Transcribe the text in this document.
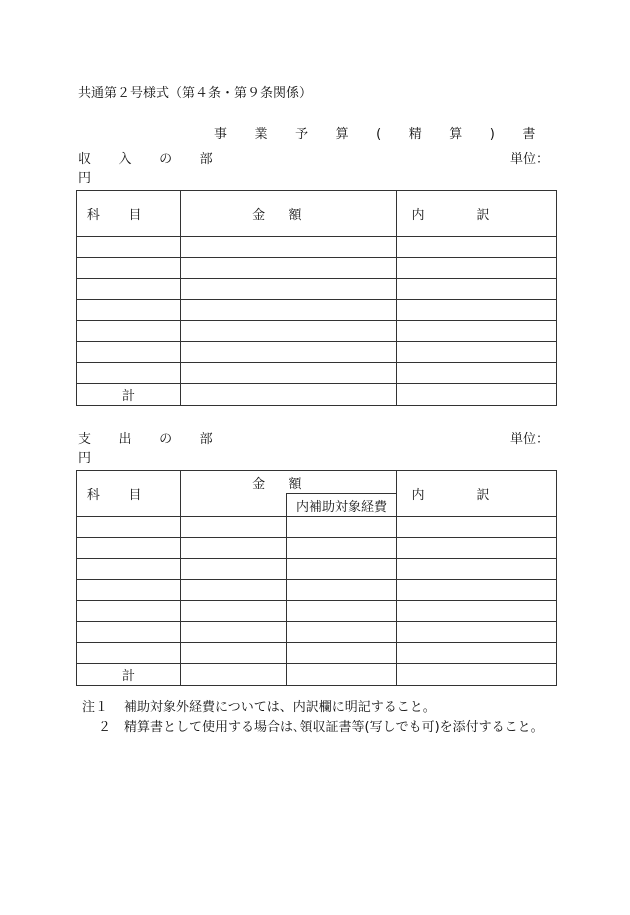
共通第２号様式（第４条・第９条関係）
事 業 予 算 ( 精 算 ) 書
収 入 の 部	単位：
円
科目	金額	内訳

計		
支 出 の 部	単位：
円
科目	金額		内訳
		内補助対象経費	

計			
注１ 補助対象外経費については、内訳欄に明記すること。
２ 精算書として使用する場合は､領収証書等(写しでも可)を添付すること。
